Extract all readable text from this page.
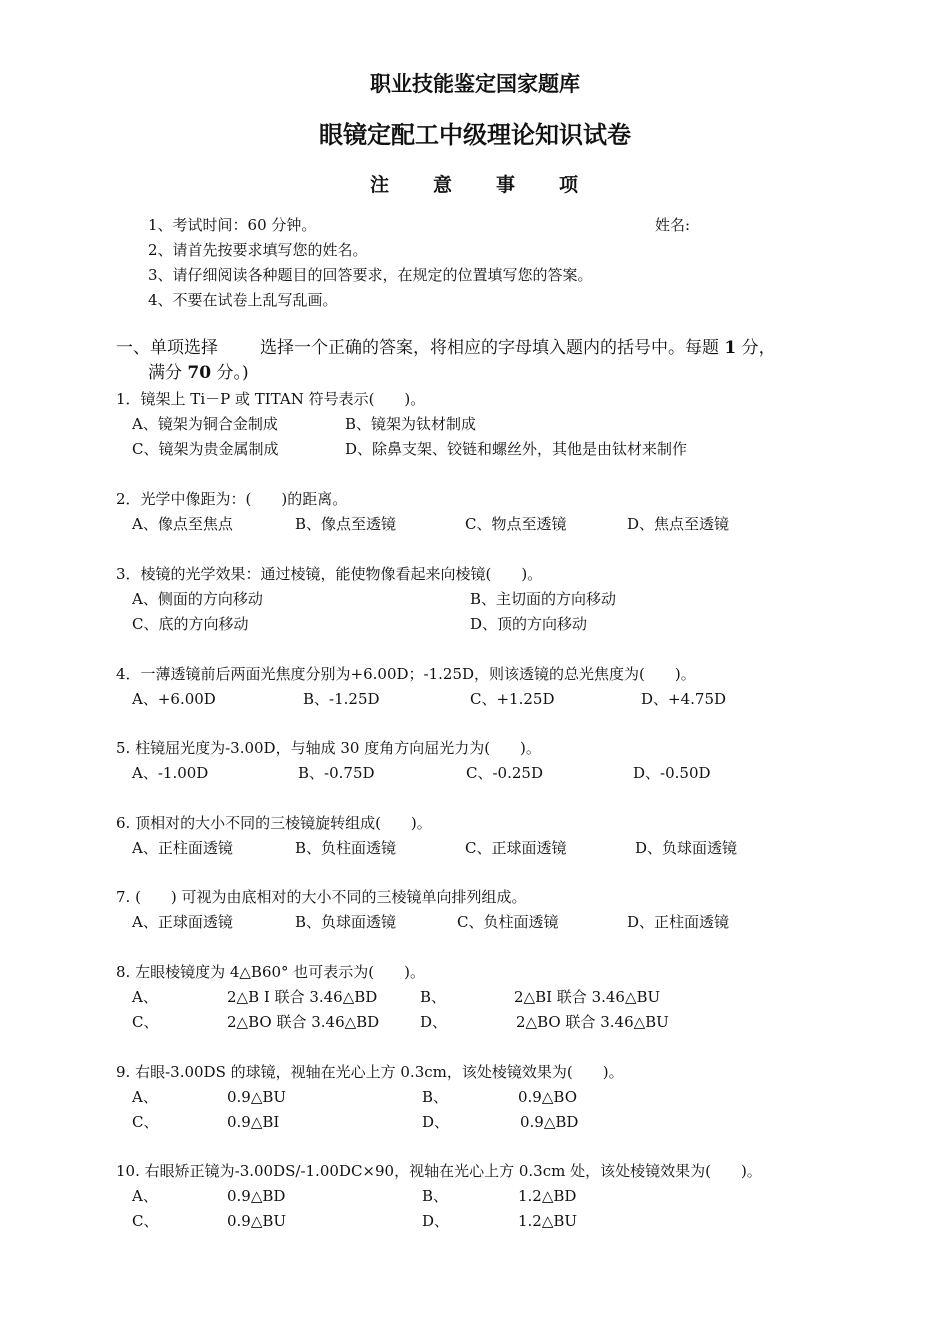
职业技能鉴定国家题库
眼镜定配工中级理论知识试卷
注　　意　　事　　项
1、考试时间：60 分钟。	姓名:
2、请首先按要求填写您的姓名。
3、请仔细阅读各种题目的回答要求，在规定的位置填写您的答案。
4、不要在试卷上乱写乱画。
一、单项选择 选择一个正确的答案，将相应的字母填入题内的括号中。每题 1 分，
满分 70 分。)
1．镜架上 Ti－P 或 TITAN 符号表示(　　)。
A、镜架为铜合金制成	B、镜架为钛材制成
C、镜架为贵金属制成	D、除鼻支架、铰链和螺丝外，其他是由钛材来制作
2．光学中像距为：(　　)的距离。
A、像点至焦点	B、像点至透镜	C、物点至透镜	D、焦点至透镜
3．棱镜的光学效果：通过棱镜，能使物像看起来向棱镜(　　)。
A、侧面的方向移动	B、主切面的方向移动
C、底的方向移动	D、顶的方向移动
4．一薄透镜前后两面光焦度分别为+6.00D；-1.25D，则该透镜的总光焦度为(　　)。
A、+6.00D	B、-1.25D	C、+1.25D	D、+4.75D
5. 柱镜屈光度为-3.00D，与轴成 30 度角方向屈光力为(　　)。
A、-1.00D	B、-0.75D	C、-0.25D	D、-0.50D
6. 顶相对的大小不同的三棱镜旋转组成(　　)。
A、正柱面透镜	B、负柱面透镜	C、正球面透镜	D、负球面透镜
7. (　　) 可视为由底相对的大小不同的三棱镜单向排列组成。
A、正球面透镜	B、负球面透镜	C、负柱面透镜	D、正柱面透镜
8. 左眼棱镜度为 4△B60° 也可表示为(　　)。
A、	2△B I 联合 3.46△BD	B、	2△BI 联合 3.46△BU
C、	2△BO 联合 3.46△BD	D、	2△BO 联合 3.46△BU
9. 右眼-3.00DS 的球镜，视轴在光心上方 0.3cm，该处棱镜效果为(　　)。
A、	0.9△BU	B、	0.9△BO
C、	0.9△BI	D、	0.9△BD
10. 右眼矫正镜为-3.00DS/-1.00DC×90，视轴在光心上方 0.3cm 处，该处棱镜效果为(　　)。
A、	0.9△BD	B、	1.2△BD
C、	0.9△BU	D、	1.2△BU
